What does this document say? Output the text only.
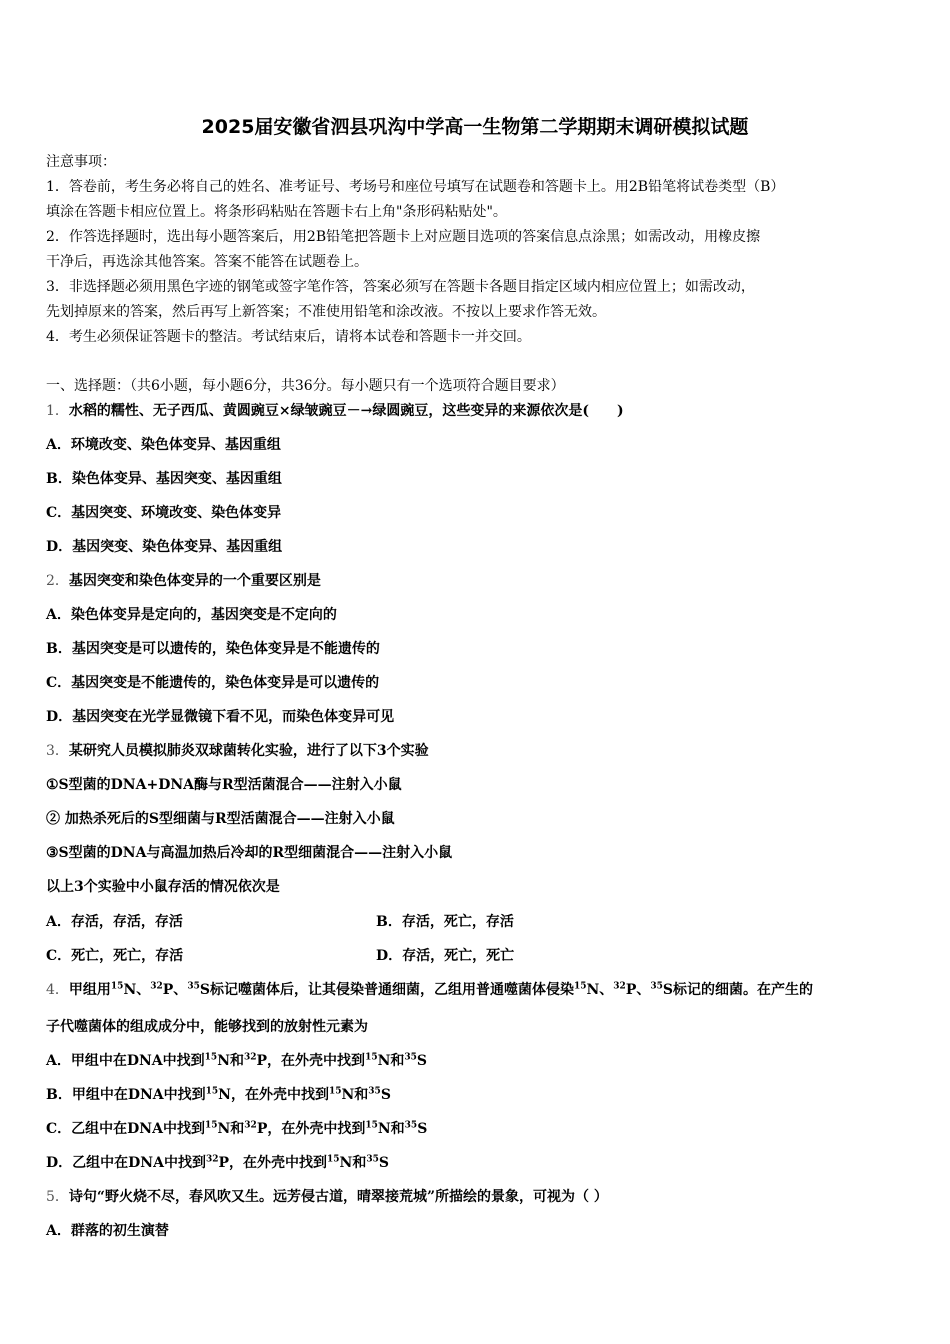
2025届安徽省泗县巩沟中学高一生物第二学期期末调研模拟试题
注意事项：
1．答卷前，考生务必将自己的姓名、准考证号、考场号和座位号填写在试题卷和答题卡上。用2B铅笔将试卷类型（B）
填涂在答题卡相应位置上。将条形码粘贴在答题卡右上角"条形码粘贴处"。
2．作答选择题时，选出每小题答案后，用2B铅笔把答题卡上对应题目选项的答案信息点涂黑；如需改动，用橡皮擦
干净后，再选涂其他答案。答案不能答在试题卷上。
3．非选择题必须用黑色字迹的钢笔或签字笔作答，答案必须写在答题卡各题目指定区域内相应位置上；如需改动，
先划掉原来的答案，然后再写上新答案；不准使用铅笔和涂改液。不按以上要求作答无效。
4．考生必须保证答题卡的整洁。考试结束后，请将本试卷和答题卡一并交回。
一、选择题：（共6小题，每小题6分，共36分。每小题只有一个选项符合题目要求）
1．水稻的糯性、无子西瓜、黄圆豌豆×绿皱豌豆－→绿圆豌豆，这些变异的来源依次是(　　)
A．环境改变、染色体变异、基因重组
B．染色体变异、基因突变、基因重组
C．基因突变、环境改变、染色体变异
D．基因突变、染色体变异、基因重组
2．基因突变和染色体变异的一个重要区别是
A．染色体变异是定向的，基因突变是不定向的
B．基因突变是可以遗传的，染色体变异是不能遗传的
C．基因突变是不能遗传的，染色体变异是可以遗传的
D．基因突变在光学显微镜下看不见，而染色体变异可见
3．某研究人员模拟肺炎双球菌转化实验，进行了以下3个实验
①S型菌的DNA+DNA酶与R型活菌混合——注射入小鼠
② 加热杀死后的S型细菌与R型活菌混合——注射入小鼠
③S型菌的DNA与高温加热后冷却的R型细菌混合——注射入小鼠
以上3个实验中小鼠存活的情况依次是
A．存活，存活，存活	B．存活，死亡，存活
C．死亡，死亡，存活	D．存活，死亡，死亡
4．甲组用$^{15}$N、$^{32}$P、$^{35}$S标记噬菌体后，让其侵染普通细菌，乙组用普通噬菌体侵染$^{15}$N、$^{32}$P、$^{35}$S标记的细菌。在产生的
子代噬菌体的组成成分中，能够找到的放射性元素为
A．甲组中在DNA中找到$^{15}$N和$^{32}$P，在外壳中找到$^{15}$N和$^{35}$S
B．甲组中在DNA中找到$^{15}$N，在外壳中找到$^{15}$N和$^{35}$S
C．乙组中在DNA中找到$^{15}$N和$^{32}$P，在外壳中找到$^{15}$N和$^{35}$S
D．乙组中在DNA中找到$^{32}$P，在外壳中找到$^{15}$N和$^{35}$S
5．诗句“野火烧不尽，春风吹又生。远芳侵古道，晴翠接荒城”所描绘的景象，可视为（ ）
A．群落的初生演替
